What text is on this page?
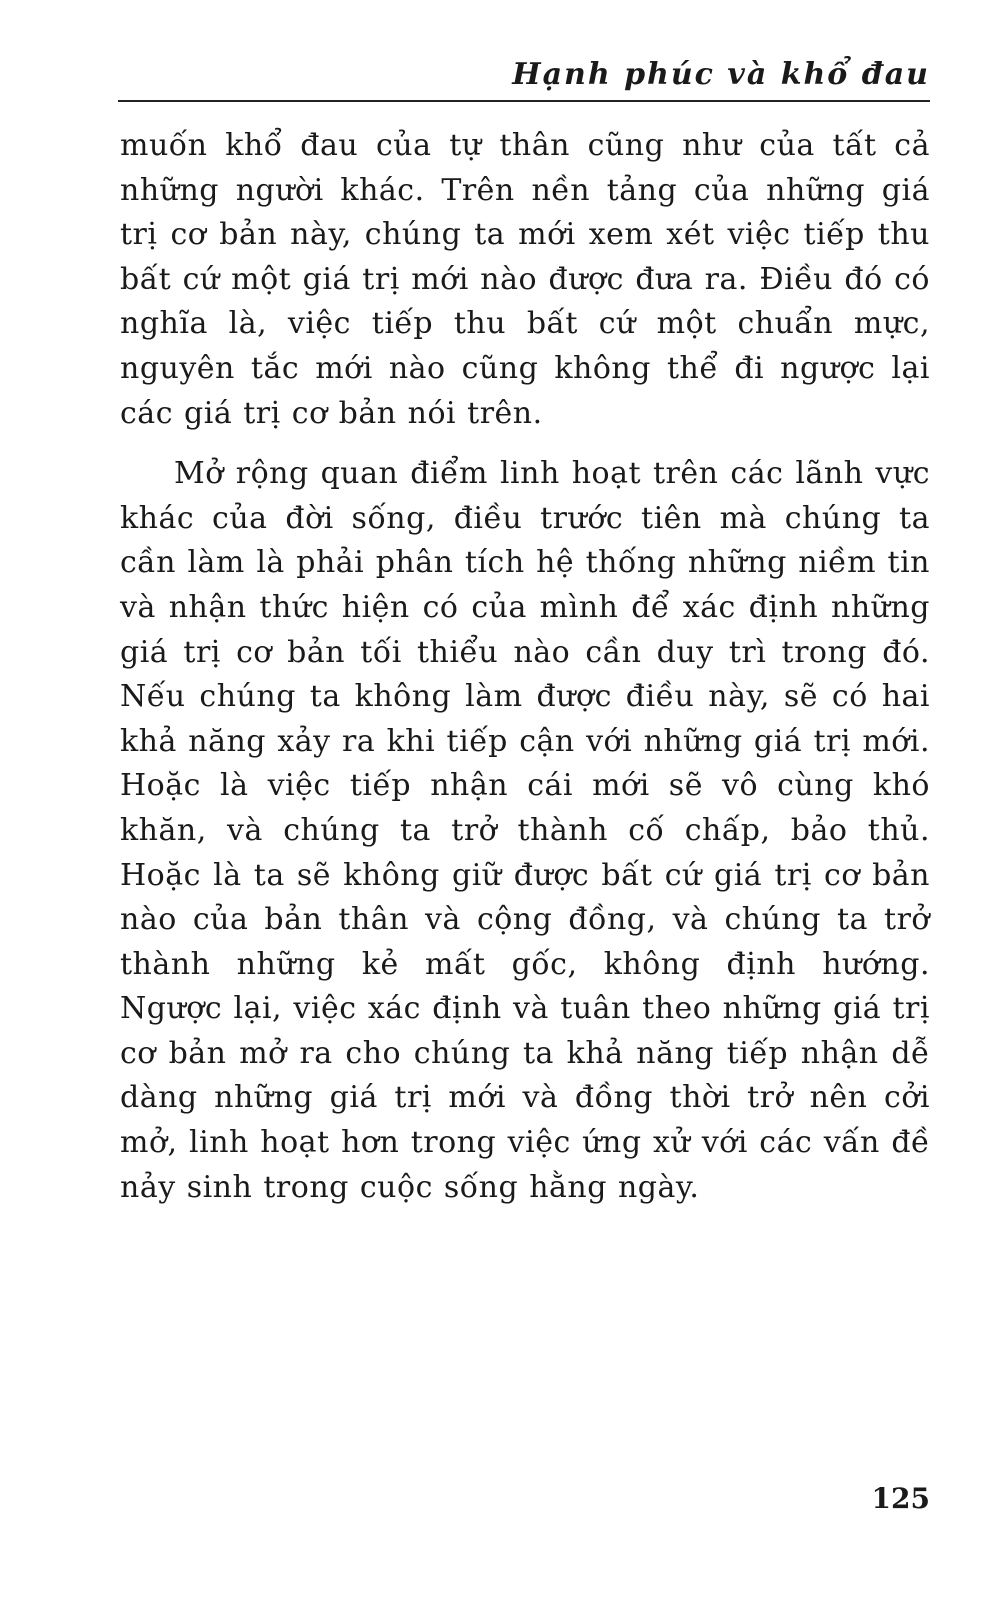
Hạnh phúc và khổ đau

muốn khổ đau của tự thân cũng như của tất cả những người khác. Trên nền tảng của những giá trị cơ bản này, chúng ta mới xem xét việc tiếp thu bất cứ một giá trị mới nào được đưa ra. Điều đó có nghĩa là, việc tiếp thu bất cứ một chuẩn mực, nguyên tắc mới nào cũng không thể đi ngược lại các giá trị cơ bản nói trên.

Mở rộng quan điểm linh hoạt trên các lãnh vực khác của đời sống, điều trước tiên mà chúng ta cần làm là phải phân tích hệ thống những niềm tin và nhận thức hiện có của mình để xác định những giá trị cơ bản tối thiểu nào cần duy trì trong đó. Nếu chúng ta không làm được điều này, sẽ có hai khả năng xảy ra khi tiếp cận với những giá trị mới. Hoặc là việc tiếp nhận cái mới sẽ vô cùng khó khăn, và chúng ta trở thành cố chấp, bảo thủ. Hoặc là ta sẽ không giữ được bất cứ giá trị cơ bản nào của bản thân và cộng đồng, và chúng ta trở thành những kẻ mất gốc, không định hướng. Ngược lại, việc xác định và tuân theo những giá trị cơ bản mở ra cho chúng ta khả năng tiếp nhận dễ dàng những giá trị mới và đồng thời trở nên cởi mở, linh hoạt hơn trong việc ứng xử với các vấn đề nảy sinh trong cuộc sống hằng ngày.

125
